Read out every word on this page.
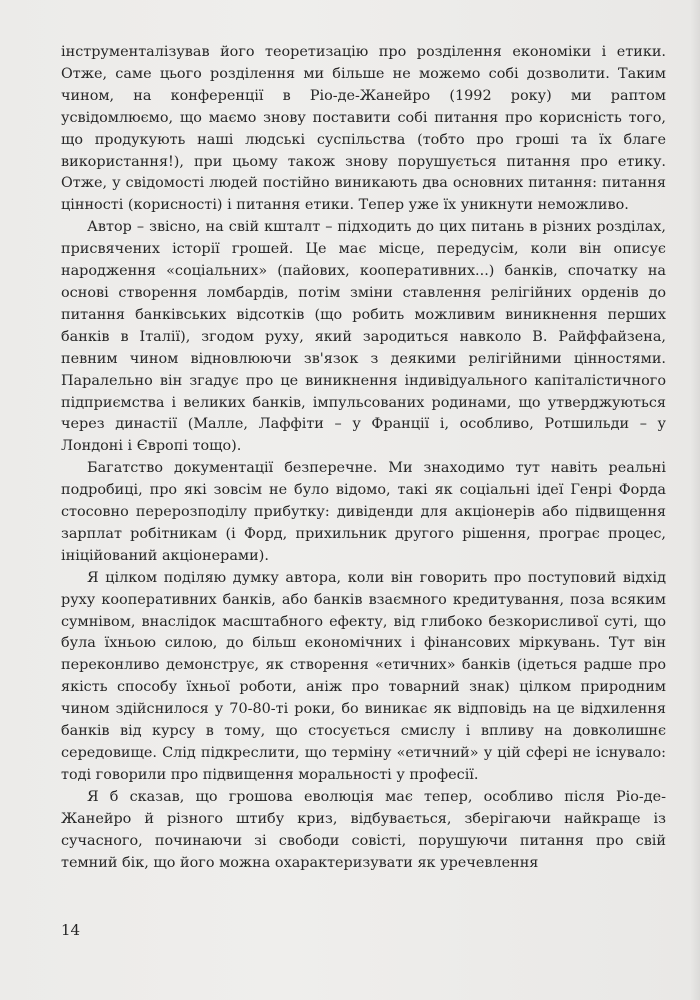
інструменталізував його теоретизацію про розділення економіки і етики. Отже, саме цього розділення ми більше не можемо собі дозволити. Таким чином, на конференції в Ріо-де-Жанейро (1992 року) ми раптом усвідомлюємо, що маємо знову поставити собі питання про корисність того, що продукують наші людські суспільства (тобто про гроші та їх благе використання!), при цьому також знову порушується питання про етику. Отже, у свідомості людей постійно виникають два основних питання: питання цінності (корисності) і питання етики. Тепер уже їх уникнути неможливо.

Автор – звісно, на свій кшталт – підходить до цих питань в різних розділах, присвячених історії грошей. Це має місце, передусім, коли він описує народження «соціальних» (пайових, кооперативних...) банків, спочатку на основі створення ломбардів, потім зміни ставлення релігійних орденів до питання банківських відсотків (що робить можливим виникнення перших банків в Італії), згодом руху, який зародиться навколо В. Райффайзена, певним чином відновлюючи зв'язок з деякими релігійними цінностями. Паралельно він згадує про це виникнення індивідуального капіталістичного підприємства і великих банків, імпульсованих родинами, що утверджуються через династії (Малле, Лаффіти – у Франції і, особливо, Ротшильди – у Лондоні і Європі тощо).

Багатство документації безперечне. Ми знаходимо тут навіть реальні подробиці, про які зовсім не було відомо, такі як соціальні ідеї Генрі Форда стосовно перерозподілу прибутку: дивіденди для акціонерів або підвищення зарплат робітникам (і Форд, прихильник другого рішення, програє процес, ініційований акціонерами).

Я цілком поділяю думку автора, коли він говорить про поступовий відхід руху кооперативних банків, або банків взаємного кредитування, поза всяким сумнівом, внаслідок масштабного ефекту, від глибоко безкорисливої суті, що була їхньою силою, до більш економічних і фінансових міркувань. Тут він переконливо демонструє, як створення «етичних» банків (ідеться радше про якість способу їхньої роботи, аніж про товарний знак) цілком природним чином здійснилося у 70-80-ті роки, бо виникає як відповідь на це відхилення банків від курсу в тому, що стосується смислу і впливу на довколишнє середовище. Слід підкреслити, що терміну «етичний» у цій сфері не існувало: тоді говорили про підвищення моральності у професії.

Я б сказав, що грошова еволюція має тепер, особливо після Ріо-де-Жанейро й різного штибу криз, відбувається, зберігаючи найкраще із сучасного, починаючи зі свободи совісті, порушуючи питання про свій темний бік, що його можна охарактеризувати як уречевлення

14
